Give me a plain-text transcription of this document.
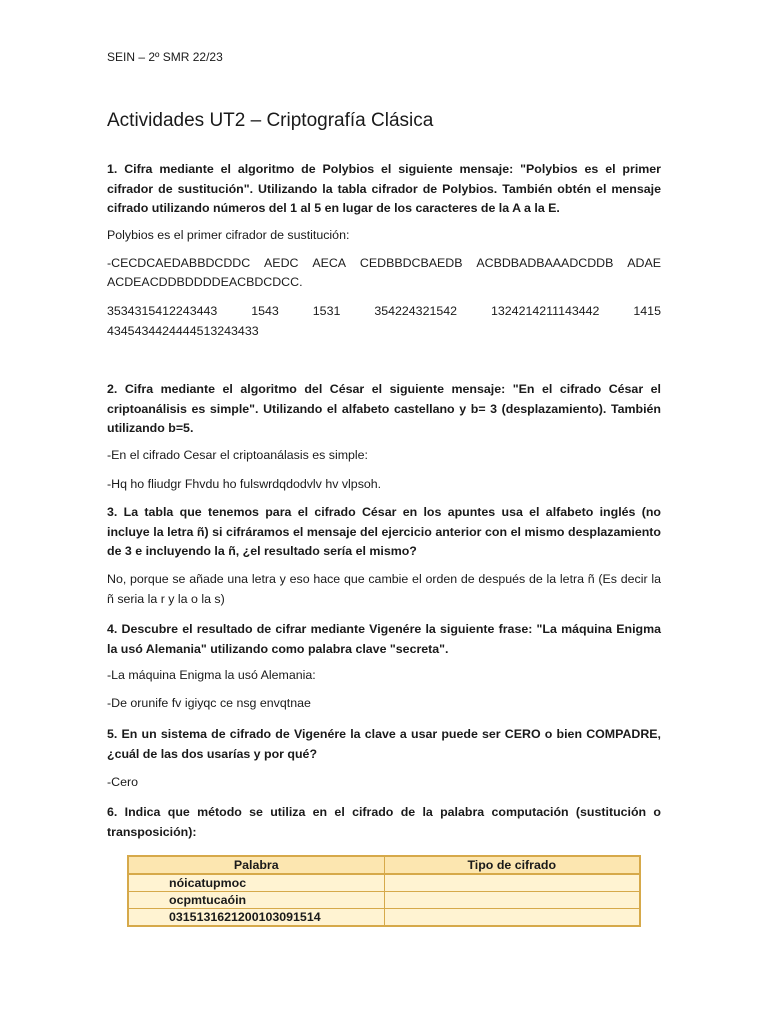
SEIN – 2º SMR 22/23
Actividades UT2 – Criptografía Clásica
1. Cifra mediante el algoritmo de Polybios el siguiente mensaje: "Polybios es el primer cifrador de sustitución". Utilizando la tabla cifrador de Polybios. También obtén el mensaje cifrado utilizando números del 1 al 5 en lugar de los caracteres de la A a la E.
Polybios es el primer cifrador de sustitución:
-CECDCAEDABBDCDDC AEDC AECA CEDBBDCBAEDB ACBDBADBAAADCDDB ADAE
ACDEACDDBDDDDEACBDCDCC.
3534315412243443	1543	1531	354224321542	1324214211143442	1415
4345434424444513243433
2. Cifra mediante el algoritmo del César el siguiente mensaje: "En el cifrado César el criptoanálisis es simple". Utilizando el alfabeto castellano y b= 3 (desplazamiento). También utilizando b=5.
-En el cifrado Cesar el criptoanálasis es simple:
-Hq ho fliudgr Fhvdu ho fulswrdqdodvlv hv vlpsoh.
3. La tabla que tenemos para el cifrado César en los apuntes usa el alfabeto inglés (no incluye la letra ñ) si cifráramos el mensaje del ejercicio anterior con el mismo desplazamiento de 3 e incluyendo la ñ, ¿el resultado sería el mismo?
No, porque se añade una letra y eso hace que cambie el orden de después de la letra ñ (Es decir la ñ seria la r y la o la s)
4. Descubre el resultado de cifrar mediante Vigenére la siguiente frase: "La máquina Enigma la usó Alemania" utilizando como palabra clave "secreta".
-La máquina Enigma la usó Alemania:
-De orunife fv igiyqc ce nsg envqtnae
5. En un sistema de cifrado de Vigenére la clave a usar puede ser CERO o bien COMPADRE, ¿cuál de las dos usarías y por qué?
-Cero
6. Indica que método se utiliza en el cifrado de la palabra computación (sustitución o transposición):
Palabra	Tipo de cifrado
nóicatupmoc	
ocpmtucaóin	
031513162120010309151‌4	
